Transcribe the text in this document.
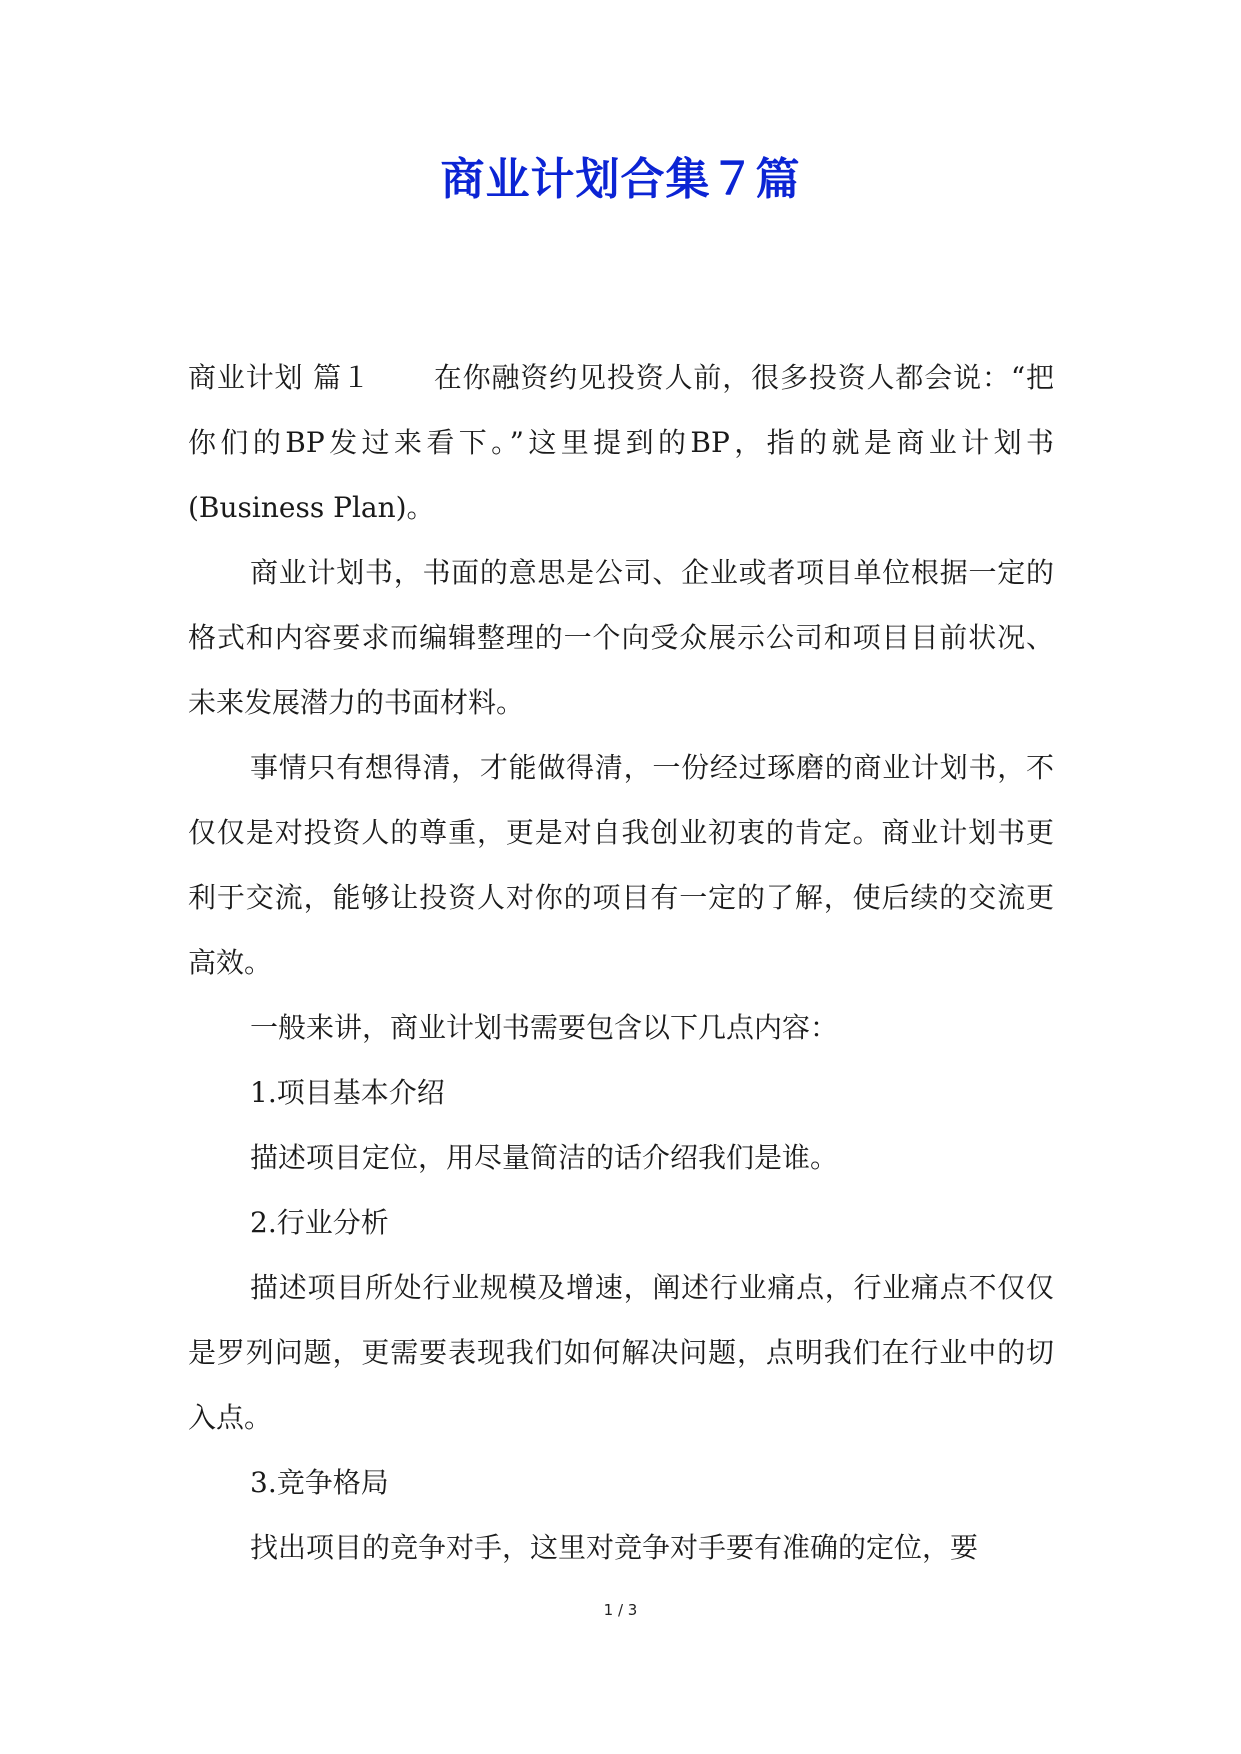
商业计划合集７篇

商业计划 篇１ 在你融资约见投资人前，很多投资人都会说：“把你们的BP发过来看下。”这里提到的BP，指的就是商业计划书(Business Plan)。

商业计划书，书面的意思是公司、企业或者项目单位根据一定的格式和内容要求而编辑整理的一个向受众展示公司和项目目前状况、未来发展潜力的书面材料。

事情只有想得清，才能做得清，一份经过琢磨的商业计划书，不仅仅是对投资人的尊重，更是对自我创业初衷的肯定。商业计划书更利于交流，能够让投资人对你的项目有一定的了解，使后续的交流更高效。

一般来讲，商业计划书需要包含以下几点内容：

1.项目基本介绍

描述项目定位，用尽量简洁的话介绍我们是谁。

2.行业分析

描述项目所处行业规模及增速，阐述行业痛点，行业痛点不仅仅是罗列问题，更需要表现我们如何解决问题，点明我们在行业中的切入点。

3.竞争格局

找出项目的竞争对手，这里对竞争对手要有准确的定位，要

1 / 3
